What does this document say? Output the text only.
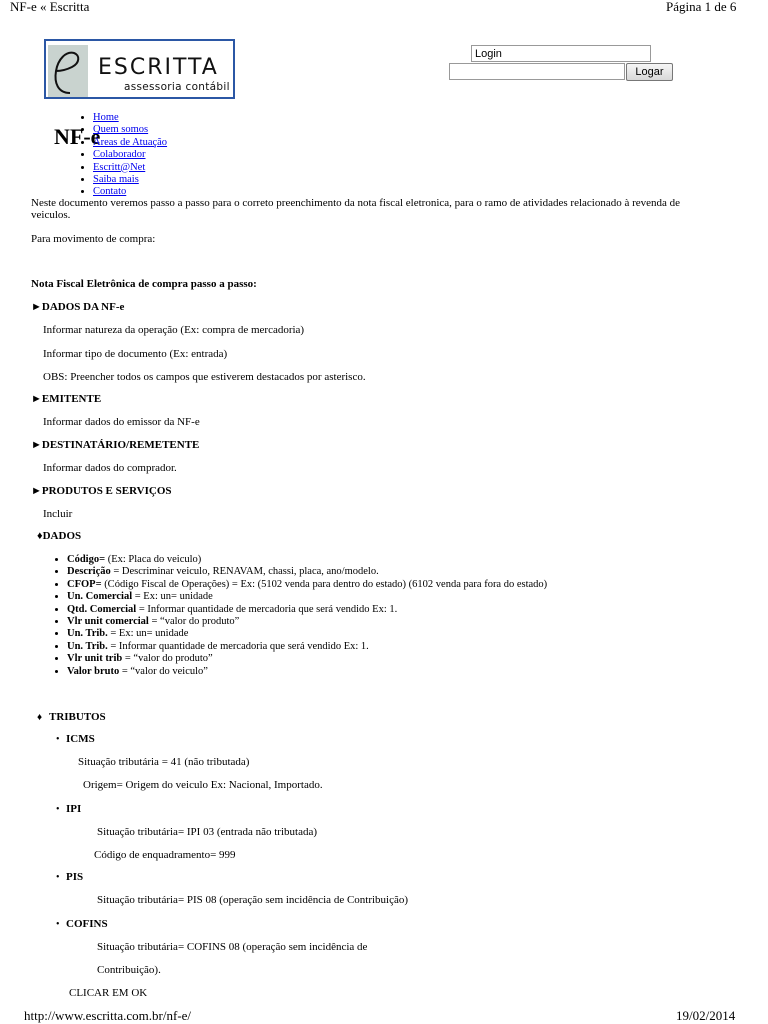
NF-e « Escritta	Página 1 de 6
ESCRITTA
assessoria contábil
Login
Logar
NF-e
• Home
• Quem somos
• Áreas de Atuação
• Colaborador
• Escritt@Net
• Saiba mais
• Contato

Neste documento veremos passo a passo para o correto preenchimento da nota fiscal eletronica, para o ramo de atividades relacionado à revenda de

veiculos.

Para movimento de compra:

Nota Fiscal Eletrônica de compra passo a passo:

►DADOS DA NF-e

Informar natureza da operação (Ex: compra de mercadoria)

Informar tipo de documento (Ex: entrada)

OBS: Preencher todos os campos que estiverem destacados por asterisco.

►EMITENTE

Informar dados do emissor da NF-e

►DESTINATÁRIO/REMETENTE

Informar dados do comprador.

►PRODUTOS E SERVIÇOS

Incluir

♦DADOS

• Código= (Ex: Placa do veiculo)
• Descrição = Descriminar veiculo, RENAVAM, chassi, placa, ano/modelo.
• CFOP= (Código Fiscal de Operações) = Ex: (5102 venda para dentro do estado) (6102 venda para fora do estado)
• Un. Comercial = Ex: un= unidade
• Qtd. Comercial = Informar quantidade de mercadoria que será vendido Ex: 1.
• Vlr unit comercial = “valor do produto”
• Un. Trib. = Ex: un= unidade
• Un. Trib. = Informar quantidade de mercadoria que será vendido Ex: 1.
• Vlr unit trib = “valor do produto”
• Valor bruto = “valor do veiculo”
♦ TRIBUTOS

• ICMS

Situação tributária = 41 (não tributada)

Origem= Origem do veiculo Ex: Nacional, Importado.

• IPI

Situação tributária= IPI 03 (entrada não tributada)

Código de enquadramento= 999

• PIS

Situação tributária= PIS 08 (operação sem incidência de Contribuição)

• COFINS

Situação tributária= COFINS 08 (operação sem incidência de

Contribuição).

CLICAR EM OK

http://www.escritta.com.br/nf-e/	19/02/2014
